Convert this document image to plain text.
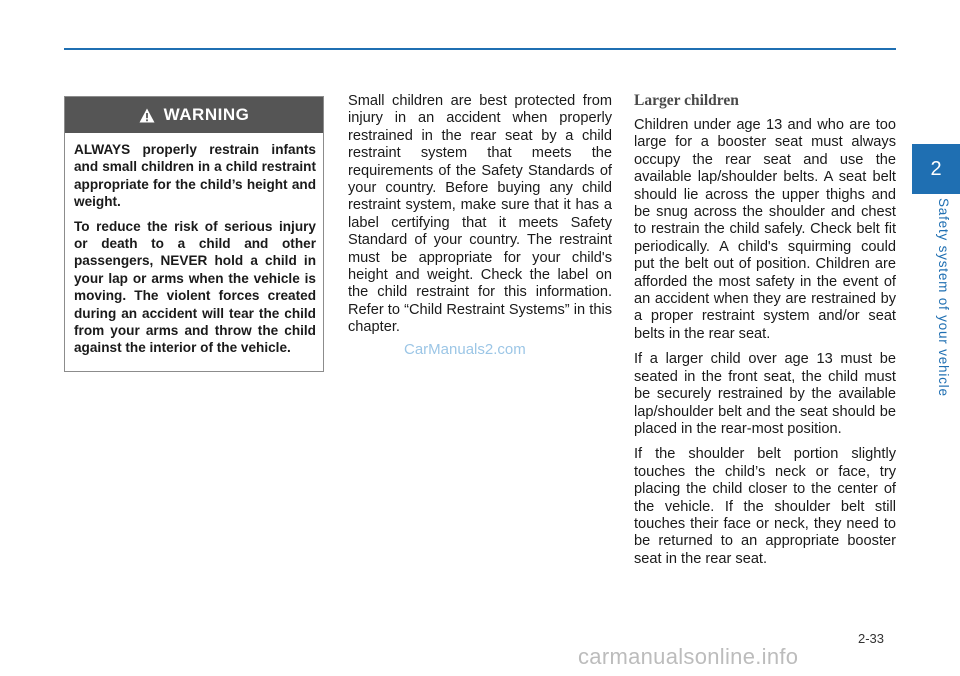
2
Safety system of your vehicle
WARNING

ALWAYS properly restrain infants and small children in a child restraint appropriate for the child’s height and weight.

To reduce the risk of serious injury or death to a child and other passengers, NEVER hold a child in your lap or arms when the vehicle is moving. The violent forces created during an accident will tear the child from your arms and throw the child against the interior of the vehicle.

Small children are best protected from injury in an accident when properly restrained in the rear seat by a child restraint system that meets the requirements of the Safety Standards of your country. Before buying any child restraint system, make sure that it has a label certifying that it meets Safety Standard of your country. The restraint must be appropriate for your child's height and weight. Check the label on the child restraint for this information. Refer to “Child Restraint Systems” in this chapter.

Larger children

Children under age 13 and who are too large for a booster seat must always occupy the rear seat and use the available lap/shoulder belts. A seat belt should lie across the upper thighs and be snug across the shoulder and chest to restrain the child safely. Check belt fit periodically. A child's squirming could put the belt out of position. Children are afforded the most safety in the event of an accident when they are restrained by a proper restraint system and/or seat belts in the rear seat.

If a larger child over age 13 must be seated in the front seat, the child must be securely restrained by the available lap/shoulder belt and the seat should be placed in the rear-most position.

If the shoulder belt portion slightly touches the child’s neck or face, try placing the child closer to the center of the vehicle. If the shoulder belt still touches their face or neck, they need to be returned to an appropriate booster seat in the rear seat.

CarManuals2.com
2-33
carmanualsonline.info
